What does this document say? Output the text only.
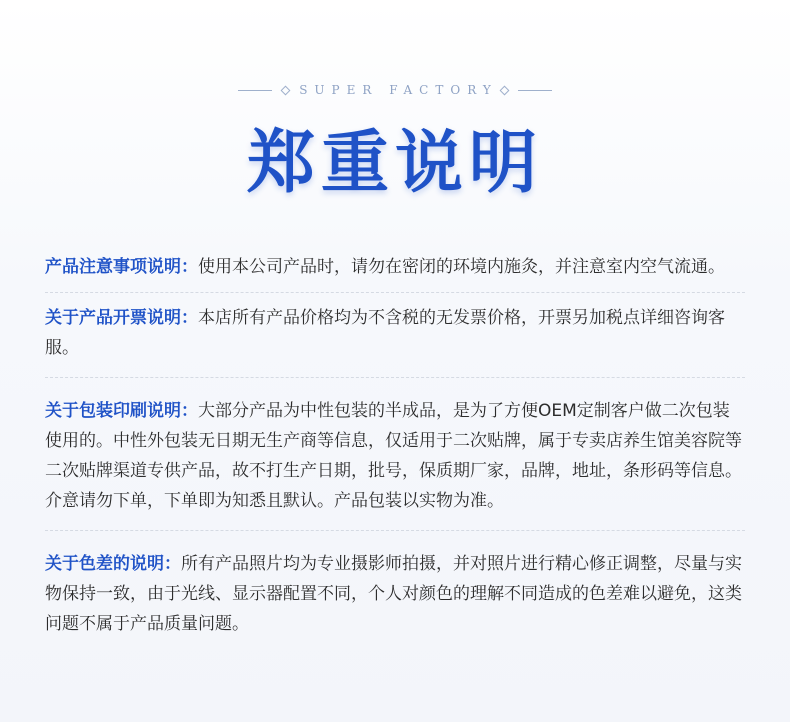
SUPER FACTORY
郑重说明
产品注意事项说明：使用本公司产品时，请勿在密闭的环境内施灸，并注意室内空气流通。
关于产品开票说明：本店所有产品价格均为不含税的无发票价格，开票另加税点详细咨询客服。
关于包装印刷说明：大部分产品为中性包装的半成品，是为了方便OEM定制客户做二次包装使用的。中性外包装无日期无生产商等信息，仅适用于二次贴牌，属于专卖店养生馆美容院等二次贴牌渠道专供产品，故不打生产日期，批号，保质期厂家，品牌，地址，条形码等信息。介意请勿下单，下单即为知悉且默认。产品包装以实物为准。
关于色差的说明：所有产品照片均为专业摄影师拍摄，并对照片进行精心修正调整，尽量与实物保持一致，由于光线、显示器配置不同，个人对颜色的理解不同造成的色差难以避免，这类问题不属于产品质量问题。
